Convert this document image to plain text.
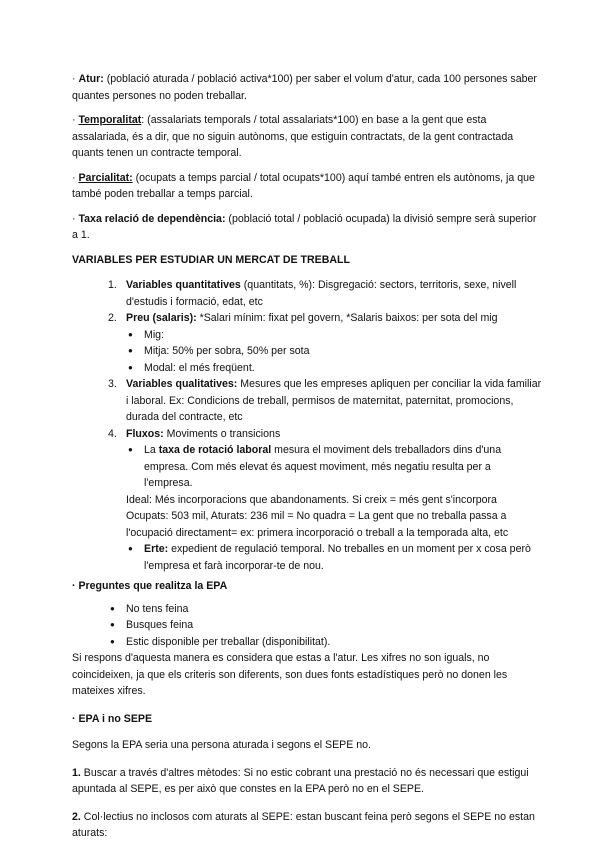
· Atur: (població aturada / població activa*100) per saber el volum d'atur, cada 100 persones saber quantes persones no poden treballar.

· Temporalitat: (assalariats temporals / total assalariats*100) en base a la gent que esta assalariada, és a dir, que no siguin autònoms, que estiguin contractats, de la gent contractada quants tenen un contracte temporal.

· Parcialitat: (ocupats a temps parcial / total ocupats*100) aquí també entren els autònoms, ja que també poden treballar a temps parcial.

· Taxa relació de dependència: (població total / població ocupada) la divisió sempre serà superior a 1.

VARIABLES PER ESTUDIAR UN MERCAT DE TREBALL

1. Variables quantitatives (quantitats, %): Disgregació: sectors, territoris, sexe, nivell d'estudis i formació, edat, etc
2. Preu (salaris): *Salari mínim: fixat pel govern, *Salaris baixos: per sota del mig
● Mig:
● Mitja: 50% per sobra, 50% per sota
● Modal: el més freqüent.
3. Variables qualitatives: Mesures que les empreses apliquen per conciliar la vida familiar i laboral. Ex: Condicions de treball, permisos de maternitat, paternitat, promocions, durada del contracte, etc
4. Fluxos: Moviments o transicions
● La taxa de rotació laboral mesura el moviment dels treballadors dins d'una empresa. Com més elevat és aquest moviment, més negatiu resulta per a l'empresa.

Ideal: Més incorporacions que abandonaments. Si creix = més gent s'incorpora Ocupats: 503 mil, Aturats: 236 mil = No quadra = La gent que no treballa passa a l'ocupació directament= ex: primera incorporació o treball a la temporada alta, etc

● Erte: expedient de regulació temporal. No treballes en un moment per x cosa però l'empresa et farà incorporar-te de nou.

· Preguntes que realitza la EPA

● No tens feina
● Busques feina
● Estic disponible per treballar (disponibilitat).

Si respons d'aquesta manera es considera que estas a l'atur. Les xifres no son iguals, no coincideixen, ja que els criteris son diferents, son dues fonts estadístiques però no donen les mateixes xifres.

· EPA i no SEPE

Segons la EPA seria una persona aturada i segons el SEPE no.

1. Buscar a través d'altres mètodes: Si no estic cobrant una prestació no és necessari que estigui apuntada al SEPE, es per això que constes en la EPA però no en el SEPE.

2. Col·lectius no inclosos com aturats al SEPE: estan buscant feina però segons el SEPE no estan aturats:
